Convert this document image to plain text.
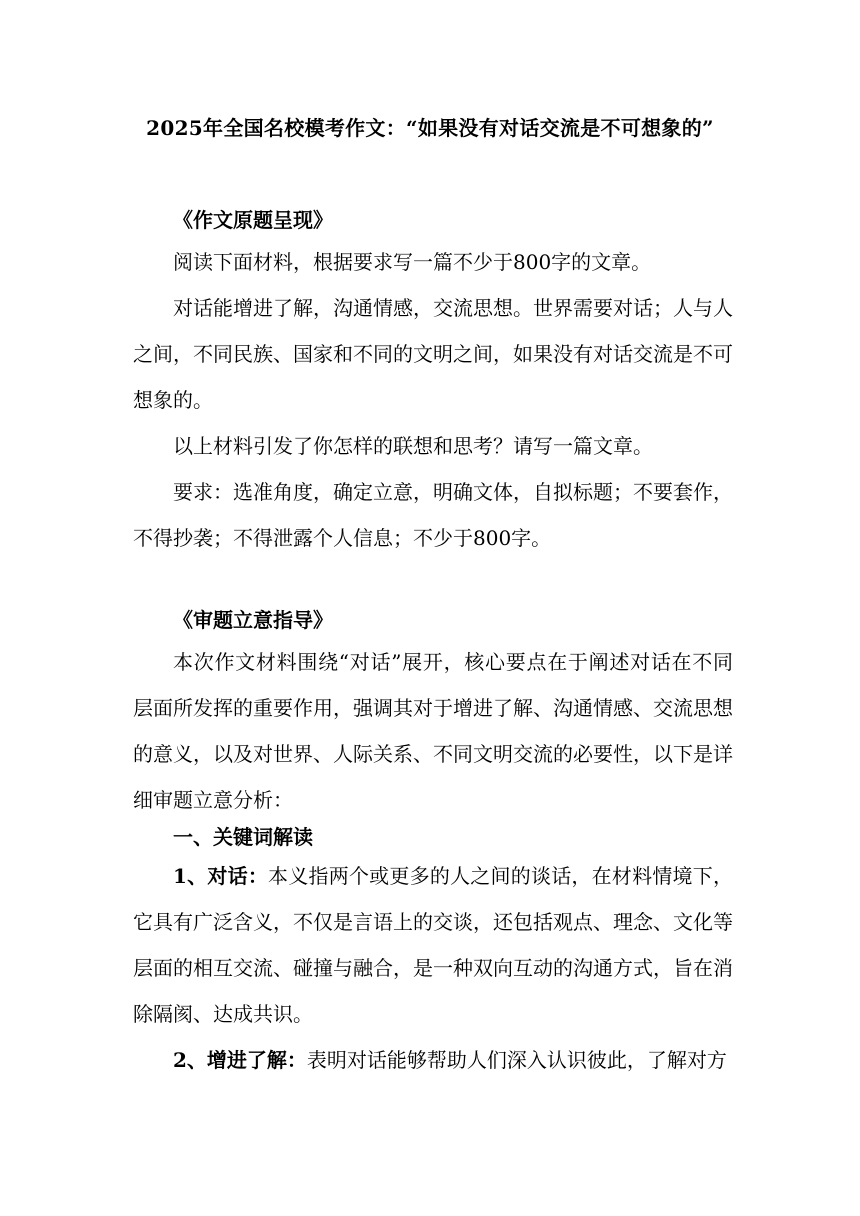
2025年全国名校模考作文：“如果没有对话交流是不可想象的”
《作文原题呈现》
阅读下面材料，根据要求写一篇不少于800字的文章。
对话能增进了解，沟通情感，交流思想。世界需要对话；人与人之间，不同民族、国家和不同的文明之间，如果没有对话交流是不可想象的。
以上材料引发了你怎样的联想和思考？请写一篇文章。
要求：选准角度，确定立意，明确文体，自拟标题；不要套作，不得抄袭；不得泄露个人信息；不少于800字。
《审题立意指导》
本次作文材料围绕“对话”展开，核心要点在于阐述对话在不同层面所发挥的重要作用，强调其对于增进了解、沟通情感、交流思想的意义，以及对世界、人际关系、不同文明交流的必要性，以下是详细审题立意分析：
一、关键词解读
1、对话：本义指两个或更多的人之间的谈话，在材料情境下，它具有广泛含义，不仅是言语上的交谈，还包括观点、理念、文化等层面的相互交流、碰撞与融合，是一种双向互动的沟通方式，旨在消除隔阂、达成共识。
2、增进了解：表明对话能够帮助人们深入认识彼此，了解对方
